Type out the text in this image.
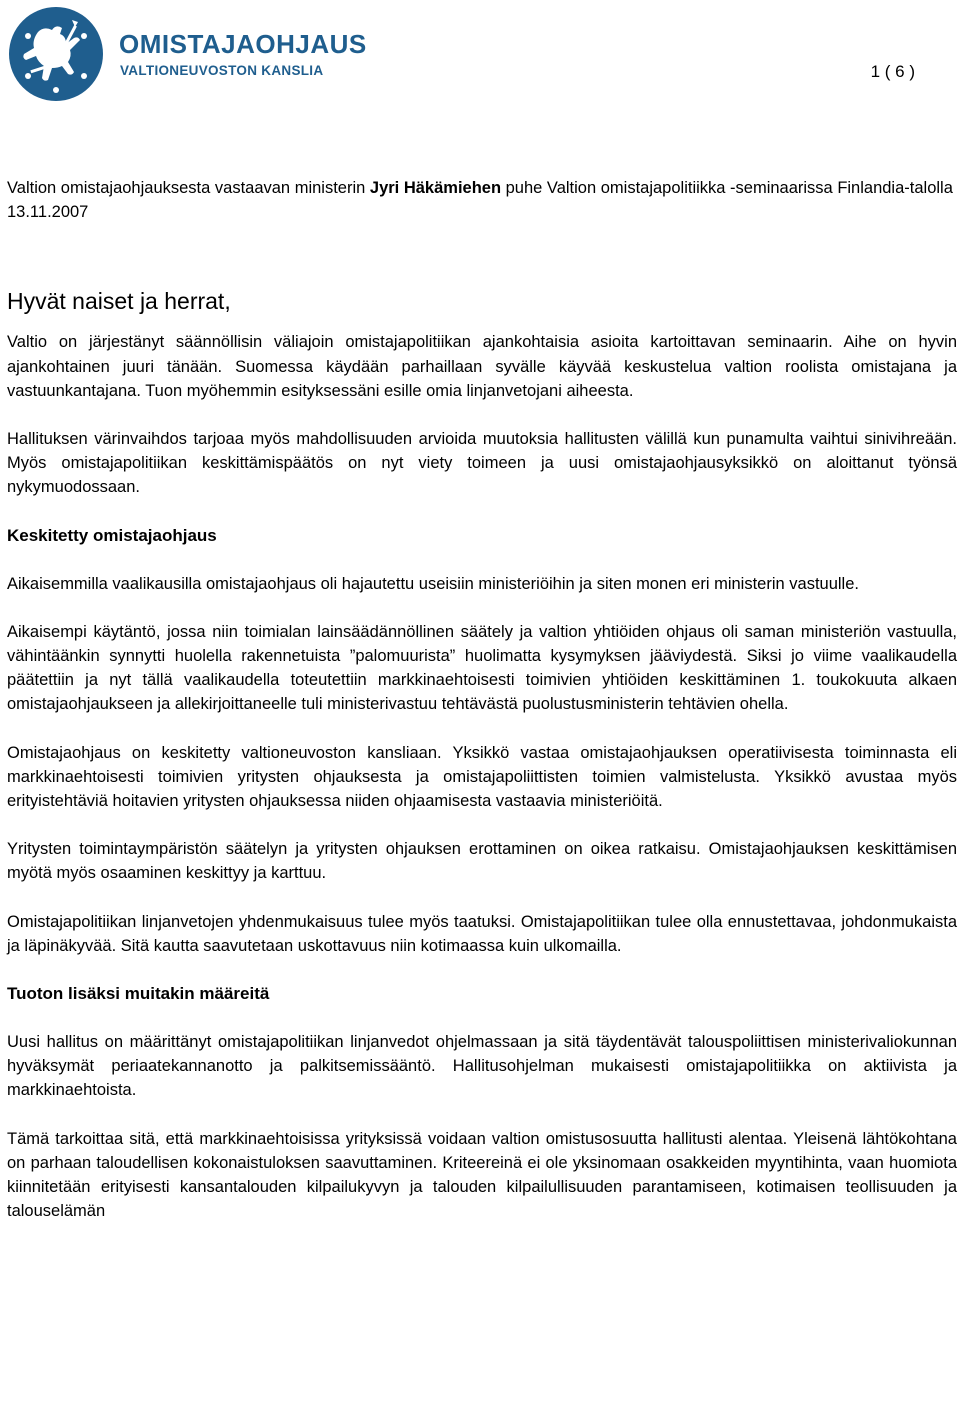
OMISTAJAOHJAUS
VALTIONEUVOSTON KANSLIA	1 ( 6 )

Valtion omistajaohjauksesta vastaavan ministerin Jyri Häkämiehen puhe Valtion omistajapolitiikka -seminaarissa Finlandia-talolla 13.11.2007

Hyvät naiset ja herrat,

Valtio on järjestänyt säännöllisin väliajoin omistajapolitiikan ajankohtaisia asioita kartoittavan seminaarin. Aihe on hyvin ajankohtainen juuri tänään. Suomessa käydään parhaillaan syvälle käyvää keskustelua valtion roolista omistajana ja vastuunkantajana. Tuon myöhemmin esityksessäni esille omia linjanvetojani aiheesta.

Hallituksen värinvaihdos tarjoaa myös mahdollisuuden arvioida muutoksia hallitusten välillä kun punamulta vaihtui sinivihreään. Myös omistajapolitiikan keskittämispäätös on nyt viety toimeen ja uusi omistajaohjausyksikkö on aloittanut työnsä nykymuodossaan.

Keskitetty omistajaohjaus

Aikaisemmilla vaalikausilla omistajaohjaus oli hajautettu useisiin ministeriöihin ja siten monen eri ministerin vastuulle.

Aikaisempi käytäntö, jossa niin toimialan lainsäädännöllinen säätely ja valtion yhtiöiden ohjaus oli saman ministeriön vastuulla, vähintäänkin synnytti huolella rakennetuista ”palomuurista” huolimatta kysymyksen jääviydestä. Siksi jo viime vaalikaudella päätettiin ja nyt tällä vaalikaudella toteutettiin markkinaehtoisesti toimivien yhtiöiden keskittäminen 1. toukokuuta alkaen omistajaohjaukseen ja allekirjoittaneelle tuli ministerivastuu tehtävästä puolustusministerin tehtävien ohella.

Omistajaohjaus on keskitetty valtioneuvoston kansliaan. Yksikkö vastaa omistajaohjauksen operatiivisesta toiminnasta eli markkinaehtoisesti toimivien yritysten ohjauksesta ja omistajapoliittisten toimien valmistelusta. Yksikkö avustaa myös erityistehtäviä hoitavien yritysten ohjauksessa niiden ohjaamisesta vastaavia ministeriöitä.

Yritysten toimintaympäristön säätelyn ja yritysten ohjauksen erottaminen on oikea ratkaisu. Omistajaohjauksen keskittämisen myötä myös osaaminen keskittyy ja karttuu.

Omistajapolitiikan linjanvetojen yhdenmukaisuus tulee myös taatuksi. Omistajapolitiikan tulee olla ennustettavaa, johdonmukaista ja läpinäkyvää. Sitä kautta saavutetaan uskottavuus niin kotimaassa kuin ulkomailla.

Tuoton lisäksi muitakin määreitä

Uusi hallitus on määrittänyt omistajapolitiikan linjanvedot ohjelmassaan ja sitä täydentävät talouspoliittisen ministerivaliokunnan hyväksymät periaatekannanotto ja palkitsemissääntö. Hallitusohjelman mukaisesti omistajapolitiikka on aktiivista ja markkinaehtoista.

Tämä tarkoittaa sitä, että markkinaehtoisissa yrityksissä voidaan valtion omistusosuutta hallitusti alentaa. Yleisenä lähtökohtana on parhaan taloudellisen kokonaistuloksen saavuttaminen. Kriteereinä ei ole yksinomaan osakkeiden myyntihinta, vaan huomiota kiinnitetään erityisesti kansantalouden kilpailukyvyn ja talouden kilpailullisuuden parantamiseen, kotimaisen teollisuuden ja talouselämän
